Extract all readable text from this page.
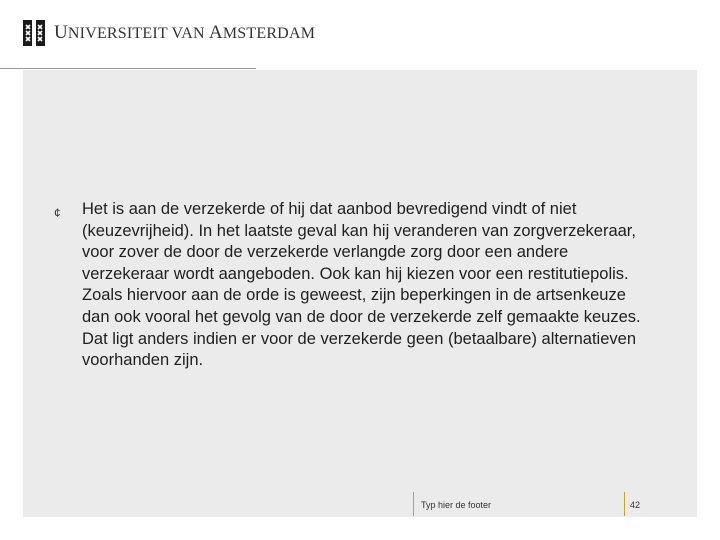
UNIVERSITEIT VAN AMSTERDAM
¢ Het is aan de verzekerde of hij dat aanbod bevredigend vindt of niet (keuzevrijheid). In het laatste geval kan hij veranderen van zorgverzekeraar, voor zover de door de verzekerde verlangde zorg door een andere verzekeraar wordt aangeboden. Ook kan hij kiezen voor een restitutiepolis. Zoals hiervoor aan de orde is geweest, zijn beperkingen in de artsenkeuze dan ook vooral het gevolg van de door de verzekerde zelf gemaakte keuzes. Dat ligt anders indien er voor de verzekerde geen (betaalbare) alternatieven voorhanden zijn.

Typ hier de footer	42
